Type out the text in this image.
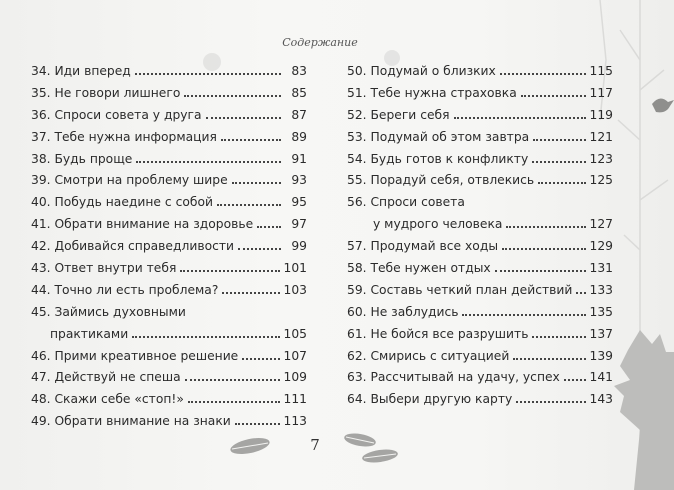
Содержание
34. Иди вперед	83
35. Не говори лишнего	85
36. Спроси совета у друга	87
37. Тебе нужна информация	89
38. Будь проще	91
39. Смотри на проблему шире	93
40. Побудь наедине с собой	95
41. Обрати внимание на здоровье	97
42. Добивайся справедливости	99
43. Ответ внутри тебя	101
44. Точно ли есть проблема?	103
45. Займись духовными
практиками	105
46. Прими креативное решение	107
47. Действуй не спеша	109
48. Скажи себе «стоп!»	111
49. Обрати внимание на знаки	113
50. Подумай о близких	115
51. Тебе нужна страховка	117
52. Береги себя	119
53. Подумай об этом завтра	121
54. Будь готов к конфликту	123
55. Порадуй себя, отвлекись	125
56. Спроси совета
у мудрого человека	127
57. Продумай все ходы	129
58. Тебе нужен отдых	131
59. Составь четкий план действий 133
60. Не заблудись	135
61. Не бойся все разрушить	137
62. Смирись с ситуацией	139
63. Рассчитывай на удачу, успех 141
64. Выбери другую карту	143
7
